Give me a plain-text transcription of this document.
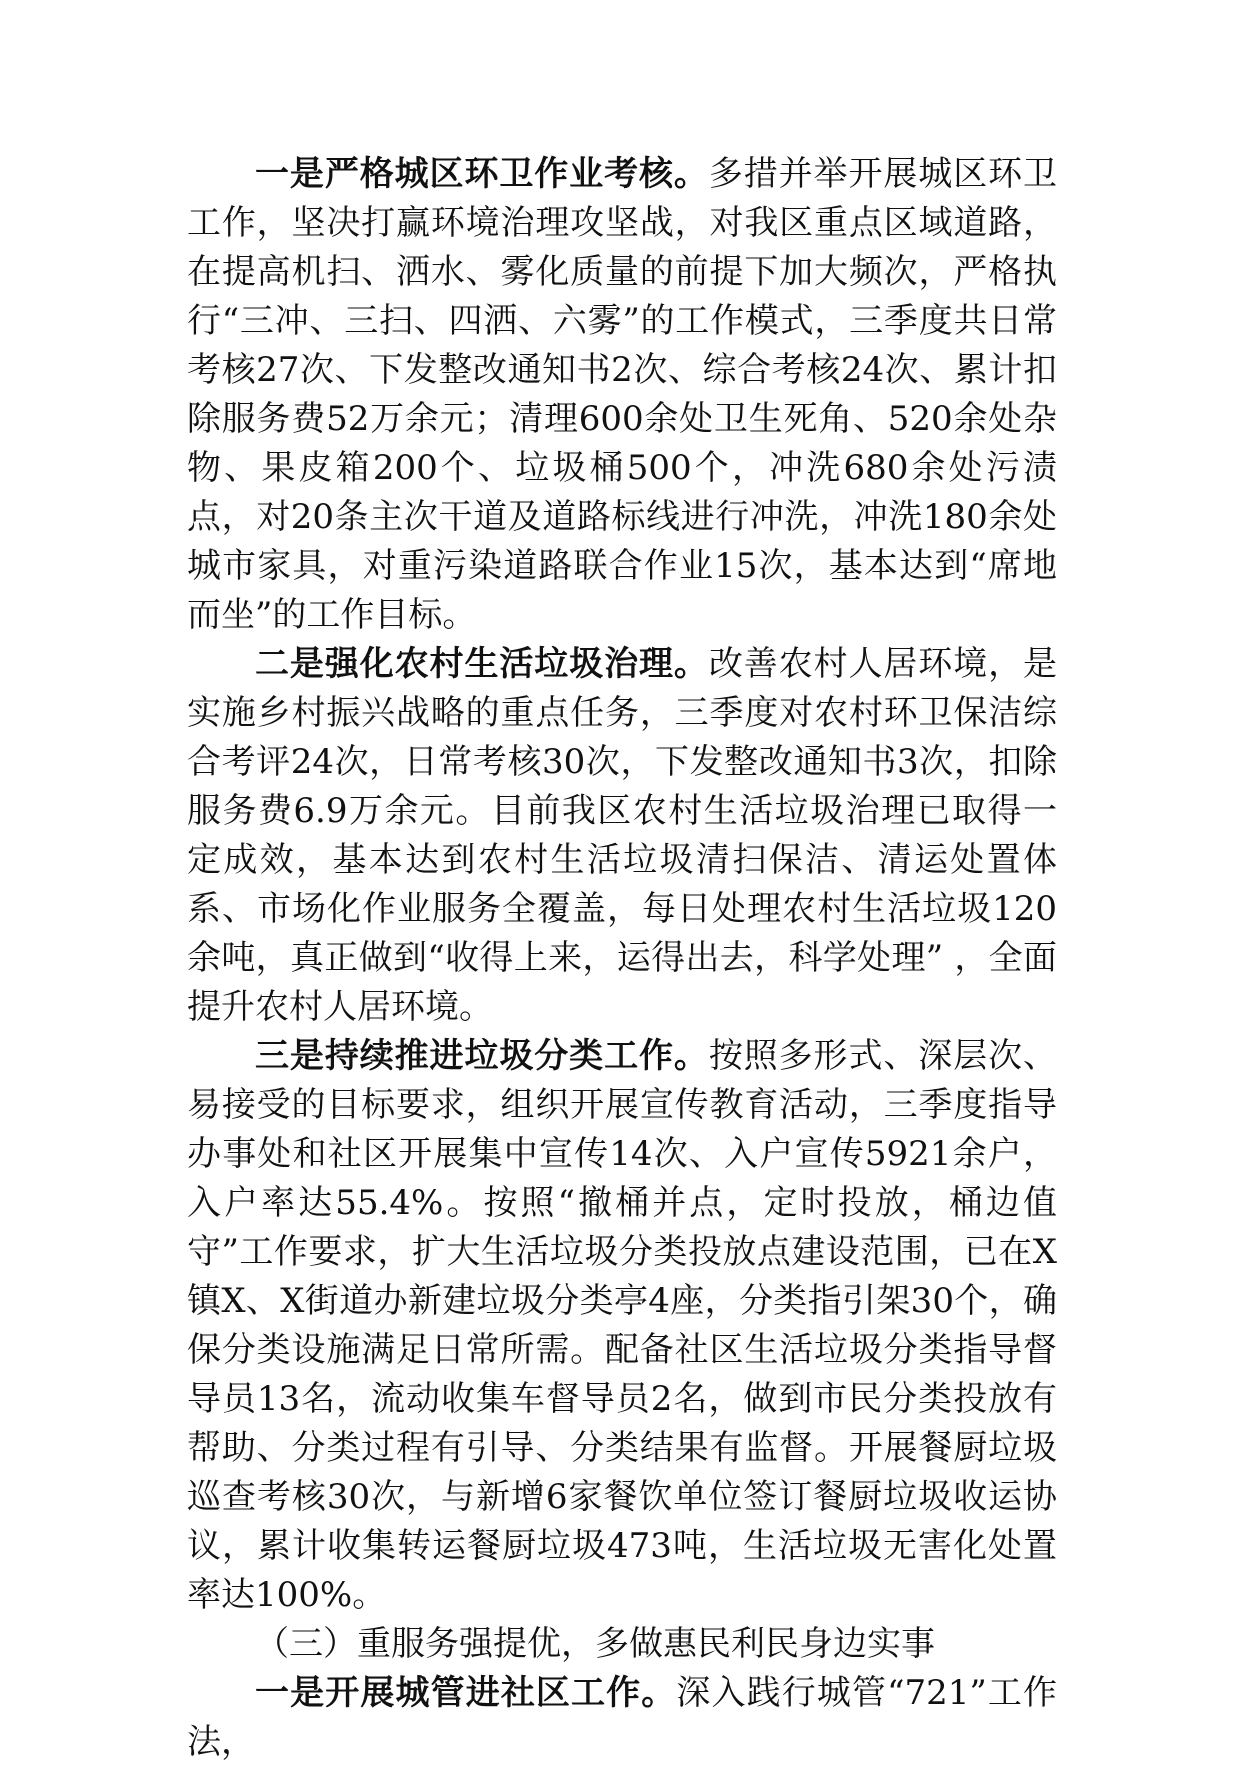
一是严格城区环卫作业考核。多措并举开展城区环卫工作，坚决打赢环境治理攻坚战，对我区重点区域道路，在提高机扫、洒水、雾化质量的前提下加大频次，严格执行“三冲、三扫、四洒、六雾”的工作模式，三季度共日常考核27次、下发整改通知书2次、综合考核24次、累计扣除服务费52万余元；清理600余处卫生死角、520余处杂物、果皮箱200个、垃圾桶500个，冲洗680余处污渍点，对20条主次干道及道路标线进行冲洗，冲洗180余处城市家具，对重污染道路联合作业15次，基本达到“席地而坐”的工作目标。

二是强化农村生活垃圾治理。改善农村人居环境，是实施乡村振兴战略的重点任务，三季度对农村环卫保洁综合考评24次，日常考核30次，下发整改通知书3次，扣除服务费6.9万余元。目前我区农村生活垃圾治理已取得一定成效，基本达到农村生活垃圾清扫保洁、清运处置体系、市场化作业服务全覆盖，每日处理农村生活垃圾120余吨，真正做到“收得上来，运得出去，科学处理” ，全面提升农村人居环境。

三是持续推进垃圾分类工作。按照多形式、深层次、易接受的目标要求，组织开展宣传教育活动，三季度指导办事处和社区开展集中宣传14次、入户宣传5921余户，入户率达55.4%。按照“撤桶并点，定时投放，桶边值守”工作要求，扩大生活垃圾分类投放点建设范围，已在X镇X、X街道办新建垃圾分类亭4座，分类指引架30个，确保分类设施满足日常所需。配备社区生活垃圾分类指导督导员13名，流动收集车督导员2名，做到市民分类投放有帮助、分类过程有引导、分类结果有监督。开展餐厨垃圾巡查考核30次，与新增6家餐饮单位签订餐厨垃圾收运协议，累计收集转运餐厨垃圾473吨，生活垃圾无害化处置率达100%。

（三）重服务强提优，多做惠民利民身边实事

一是开展城管进社区工作。深入践行城管“721”工作法，
